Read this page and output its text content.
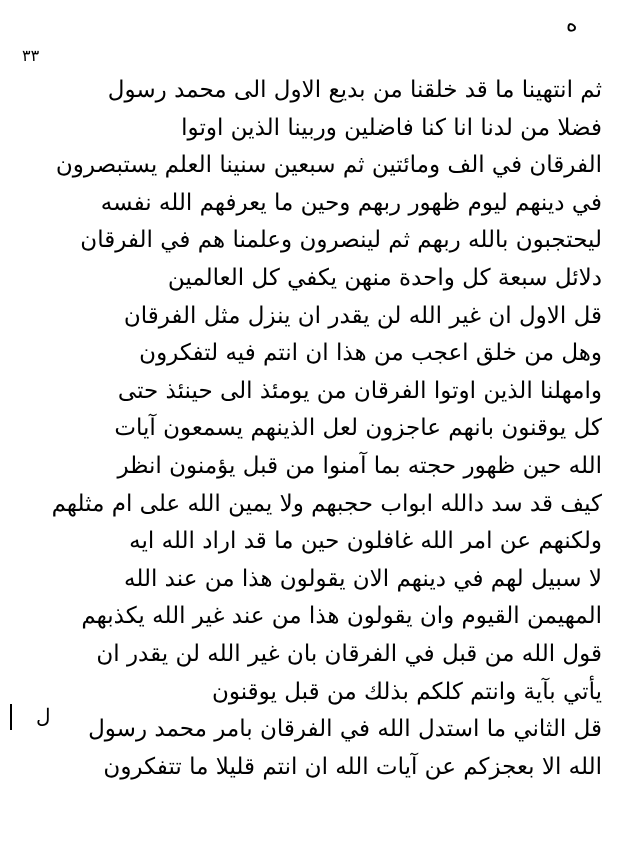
ه
٣٣
ثم انتهينا ما قد خلقنا من بديع الاول الى محمد رسول
فضلا من لدنا انا كنا فاضلين وربينا الذين اوتوا
الفرقان في الف ومائتين ثم سبعين سنينا العلم يستبصرون
في دينهم ليوم ظهور ربهم وحين ما يعرفهم الله نفسه
ليحتجبون بالله ربهم ثم لينصرون وعلمنا هم في الفرقان
دلائل سبعة كل واحدة منهن يكفي كل العالمين
قل الاول ان غير الله لن يقدر ان ينزل مثل الفرقان
وهل من خلق اعجب من هذا ان انتم فيه لتفكرون
وامهلنا الذين اوتوا الفرقان من يومئذ الى حينئذ حتى
كل يوقنون بانهم عاجزون لعل الذينهم يسمعون آيات
الله حين ظهور حجته بما آمنوا من قبل يؤمنون انظر
كيف قد سد دالله ابواب حجبهم ولا يمين الله على ام مثلهم
ولكنهم عن امر الله غافلون حين ما قد اراد الله ايه
لا سبيل لهم في دينهم الان يقولون هذا من عند الله
المهيمن القيوم وان يقولون هذا من عند غير الله يكذبهم
قول الله من قبل في الفرقان بان غير الله لن يقدر ان
يأتي بآية وانتم كلكم بذلك من قبل يوقنون
قل الثاني ما استدل الله في الفرقان بامر محمد رسول
الله الا بعجزكم عن آيات الله ان انتم قليلا ما تتفكرون
ل
